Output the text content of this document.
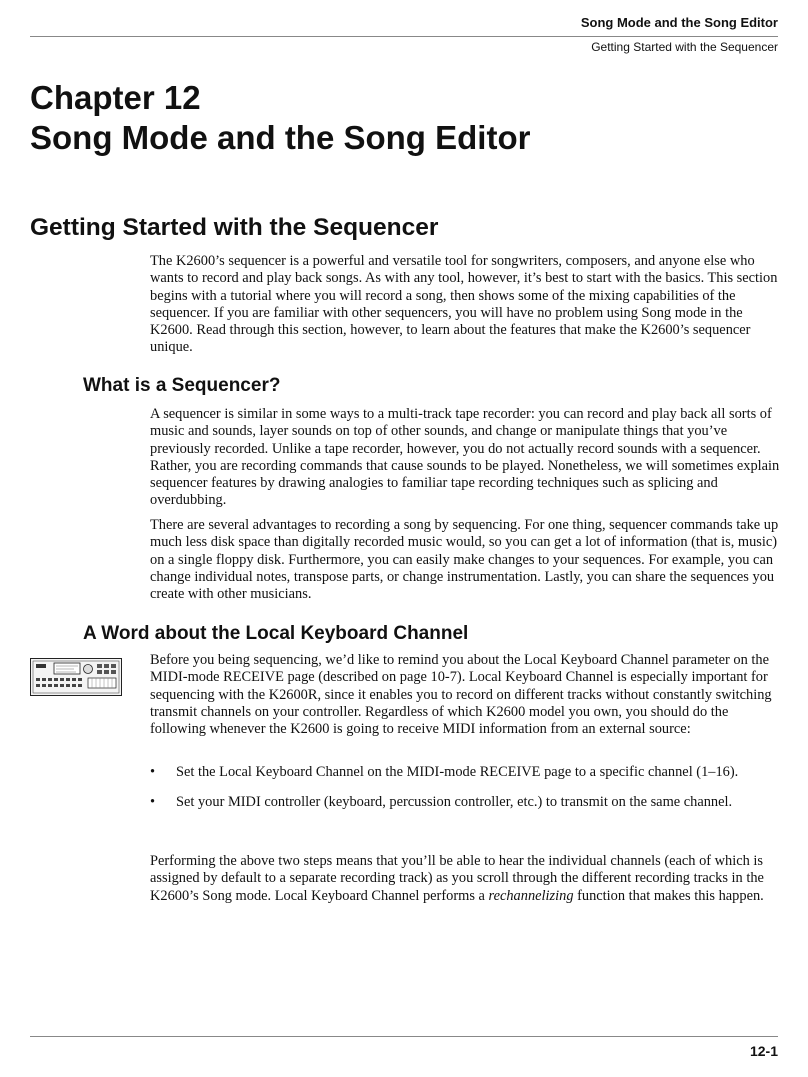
Song Mode and the Song Editor
Getting Started with the Sequencer
Chapter 12
Song Mode and the Song Editor
Getting Started with the Sequencer

The K2600’s sequencer is a powerful and versatile tool for songwriters, composers, and anyone else who wants to record and play back songs. As with any tool, however, it’s best to start with the basics. This section begins with a tutorial where you will record a song, then shows some of the mixing capabilities of the sequencer. If you are familiar with other sequencers, you will have no problem using Song mode in the K2600. Read through this section, however, to learn about the features that make the K2600’s sequencer unique.

What is a Sequencer?

A sequencer is similar in some ways to a multi-track tape recorder: you can record and play back all sorts of music and sounds, layer sounds on top of other sounds, and change or manipulate things that you’ve previously recorded. Unlike a tape recorder, however, you do not actually record sounds with a sequencer. Rather, you are recording commands that cause sounds to be played. Nonetheless, we will sometimes explain sequencer features by drawing analogies to familiar tape recording techniques such as splicing and overdubbing.

There are several advantages to recording a song by sequencing. For one thing, sequencer commands take up much less disk space than digitally recorded music would, so you can get a lot of information (that is, music) on a single floppy disk. Furthermore, you can easily make changes to your sequences. For example, you can change individual notes, transpose parts, or change instrumentation. Lastly, you can share the sequences you create with other musicians.

A Word about the Local Keyboard Channel

Before you being sequencing, we’d like to remind you about the Local Keyboard Channel parameter on the MIDI-mode RECEIVE page (described on page 10-7). Local Keyboard Channel is especially important for sequencing with the K2600R, since it enables you to record on different tracks without constantly switching transmit channels on your controller. Regardless of which K2600 model you own, you should do the following whenever the K2600 is going to receive MIDI information from an external source:

• Set the Local Keyboard Channel on the MIDI-mode RECEIVE page to a specific channel (1–16).
• Set your MIDI controller (keyboard, percussion controller, etc.) to transmit on the same channel.

Performing the above two steps means that you’ll be able to hear the individual channels (each of which is assigned by default to a separate recording track) as you scroll through the different recording tracks in the K2600’s Song mode. Local Keyboard Channel performs a rechannelizing function that makes this happen.

12-1
